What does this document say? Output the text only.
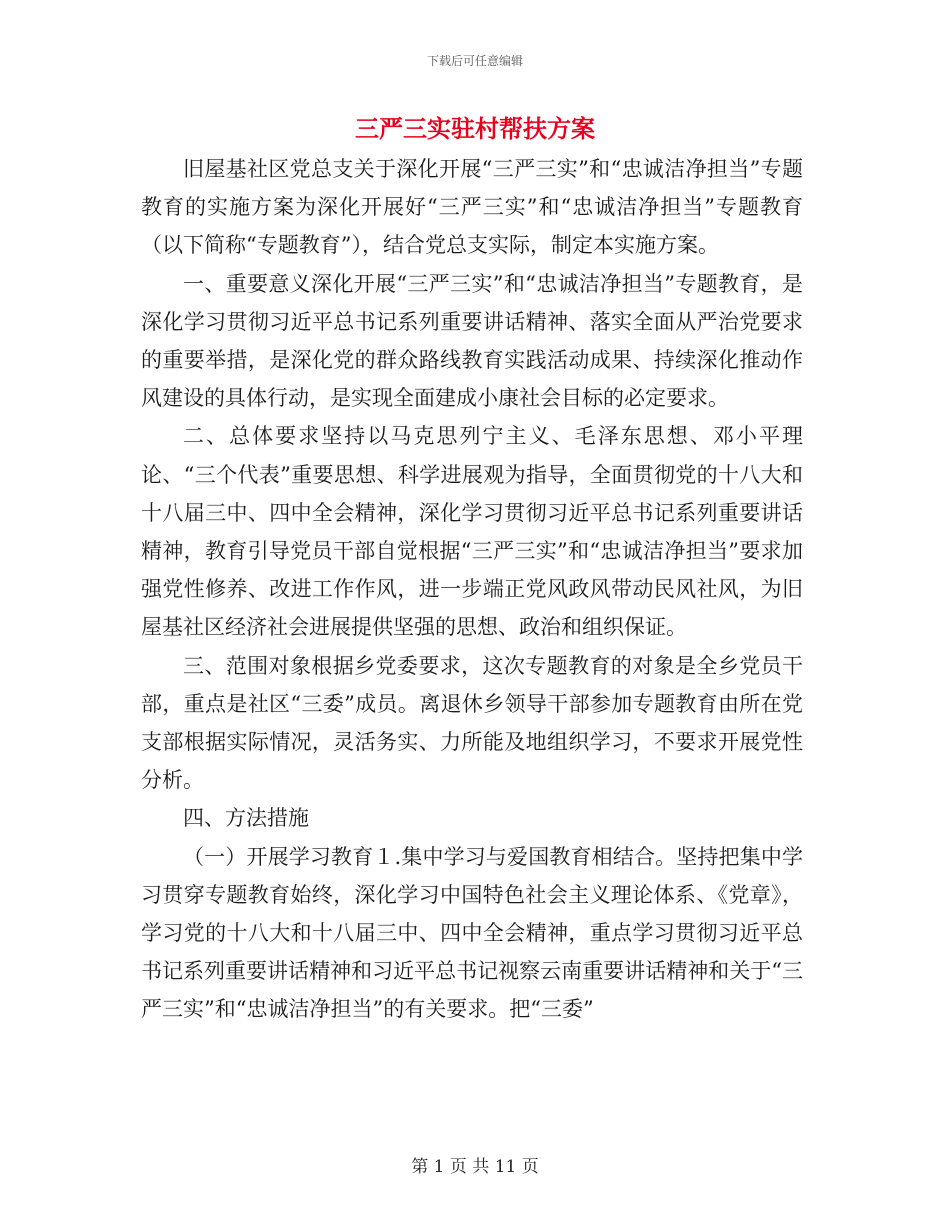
下载后可任意编辑
三严三实驻村帮扶方案

旧屋基社区党总支关于深化开展“三严三实”和“忠诚洁净担当”专题教育的实施方案为深化开展好“三严三实”和“忠诚洁净担当”专题教育（以下简称“专题教育”），结合党总支实际，制定本实施方案。

一、重要意义深化开展“三严三实”和“忠诚洁净担当”专题教育，是深化学习贯彻习近平总书记系列重要讲话精神、落实全面从严治党要求的重要举措，是深化党的群众路线教育实践活动成果、持续深化推动作风建设的具体行动，是实现全面建成小康社会目标的必定要求。

二、总体要求坚持以马克思列宁主义、毛泽东思想、邓小平理论、“三个代表”重要思想、科学进展观为指导，全面贯彻党的十八大和十八届三中、四中全会精神，深化学习贯彻习近平总书记系列重要讲话精神，教育引导党员干部自觉根据“三严三实”和“忠诚洁净担当”要求加强党性修养、改进工作作风，进一步端正党风政风带动民风社风，为旧屋基社区经济社会进展提供坚强的思想、政治和组织保证。

三、范围对象根据乡党委要求，这次专题教育的对象是全乡党员干部，重点是社区“三委”成员。离退休乡领导干部参加专题教育由所在党支部根据实际情况，灵活务实、力所能及地组织学习，不要求开展党性分析。

四、方法措施

（一）开展学习教育１.集中学习与爱国教育相结合。坚持把集中学习贯穿专题教育始终，深化学习中国特色社会主义理论体系、《党章》，学习党的十八大和十八届三中、四中全会精神，重点学习贯彻习近平总书记系列重要讲话精神和习近平总书记视察云南重要讲话精神和关于“三严三实”和“忠诚洁净担当”的有关要求。把“三委”

第 1 页 共 11 页
